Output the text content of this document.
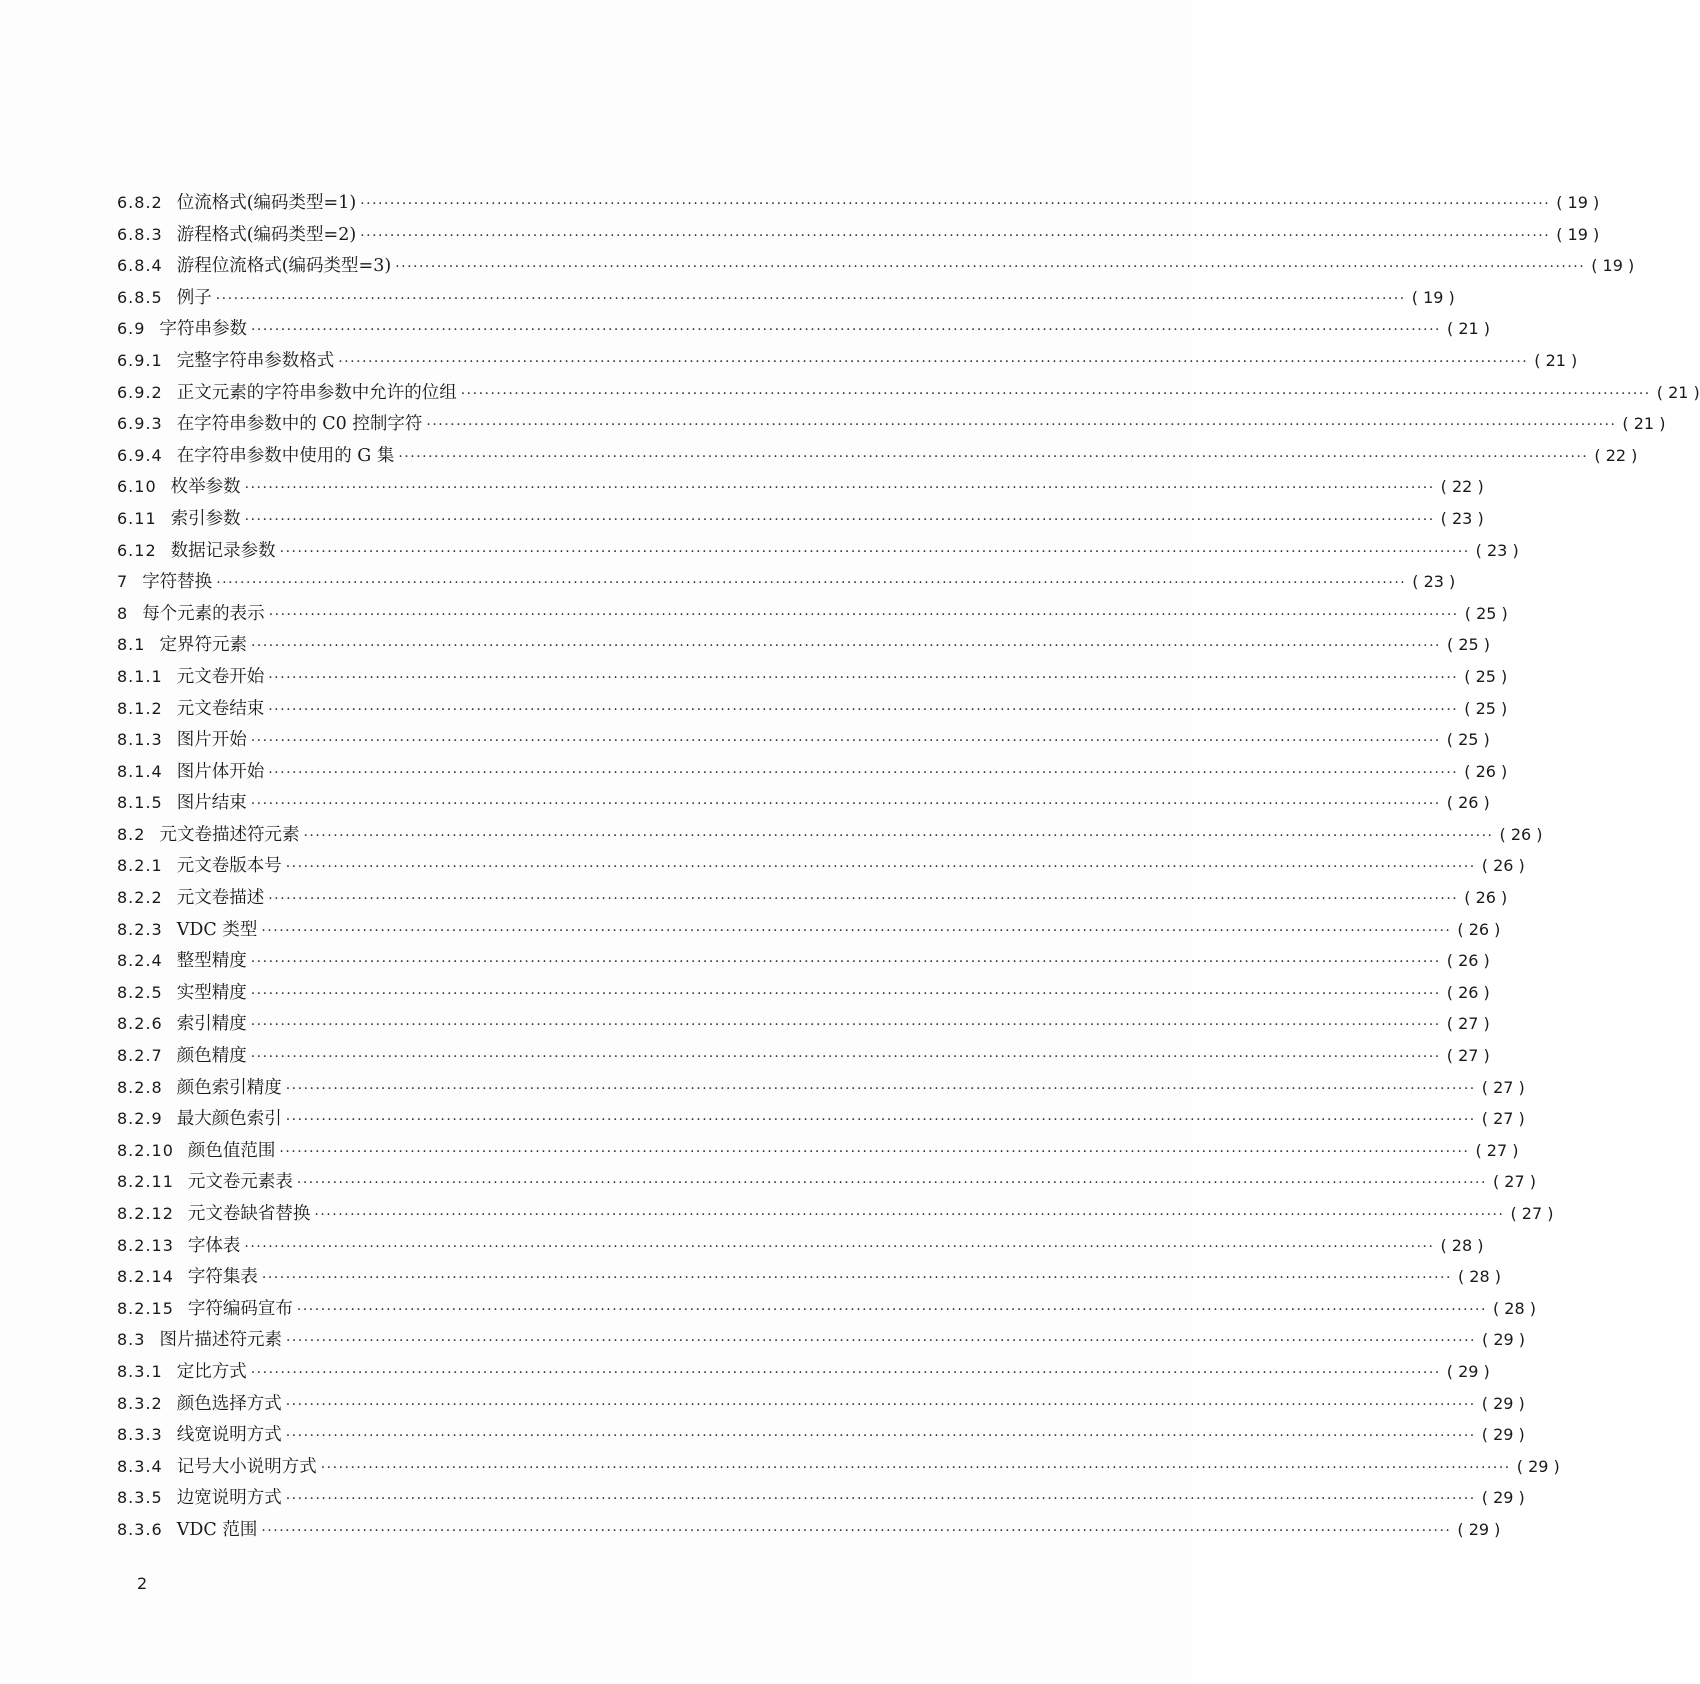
6.8.2 位流格式(编码类型=1) ········································································································································································································ ( 19 )
6.8.3 游程格式(编码类型=2) ········································································································································································································ ( 19 )
6.8.4 游程位流格式(编码类型=3) ········································································································································································································ ( 19 )
6.8.5 例子 ········································································································································································································ ( 19 )
6.9 字符串参数 ········································································································································································································ ( 21 )
6.9.1 完整字符串参数格式 ········································································································································································································ ( 21 )
6.9.2 正文元素的字符串参数中允许的位组 ········································································································································································································ ( 21 )
6.9.3 在字符串参数中的 C0 控制字符 ········································································································································································································ ( 21 )
6.9.4 在字符串参数中使用的 G 集 ········································································································································································································ ( 22 )
6.10 枚举参数 ········································································································································································································ ( 22 )
6.11 索引参数 ········································································································································································································ ( 23 )
6.12 数据记录参数 ········································································································································································································ ( 23 )
7 字符替换 ········································································································································································································ ( 23 )
8 每个元素的表示 ········································································································································································································ ( 25 )
8.1 定界符元素 ········································································································································································································ ( 25 )
8.1.1 元文卷开始 ········································································································································································································ ( 25 )
8.1.2 元文卷结束 ········································································································································································································ ( 25 )
8.1.3 图片开始 ········································································································································································································ ( 25 )
8.1.4 图片体开始 ········································································································································································································ ( 26 )
8.1.5 图片结束 ········································································································································································································ ( 26 )
8.2 元文卷描述符元素 ········································································································································································································ ( 26 )
8.2.1 元文卷版本号 ········································································································································································································ ( 26 )
8.2.2 元文卷描述 ········································································································································································································ ( 26 )
8.2.3 VDC 类型 ········································································································································································································ ( 26 )
8.2.4 整型精度 ········································································································································································································ ( 26 )
8.2.5 实型精度 ········································································································································································································ ( 26 )
8.2.6 索引精度 ········································································································································································································ ( 27 )
8.2.7 颜色精度 ········································································································································································································ ( 27 )
8.2.8 颜色索引精度 ········································································································································································································ ( 27 )
8.2.9 最大颜色索引 ········································································································································································································ ( 27 )
8.2.10 颜色值范围 ········································································································································································································ ( 27 )
8.2.11 元文卷元素表 ········································································································································································································ ( 27 )
8.2.12 元文卷缺省替换 ········································································································································································································ ( 27 )
8.2.13 字体表 ········································································································································································································ ( 28 )
8.2.14 字符集表 ········································································································································································································ ( 28 )
8.2.15 字符编码宣布 ········································································································································································································ ( 28 )
8.3 图片描述符元素 ········································································································································································································ ( 29 )
8.3.1 定比方式 ········································································································································································································ ( 29 )
8.3.2 颜色选择方式 ········································································································································································································ ( 29 )
8.3.3 线宽说明方式 ········································································································································································································ ( 29 )
8.3.4 记号大小说明方式 ········································································································································································································ ( 29 )
8.3.5 边宽说明方式 ········································································································································································································ ( 29 )
8.3.6 VDC 范围 ········································································································································································································ ( 29 )
2
